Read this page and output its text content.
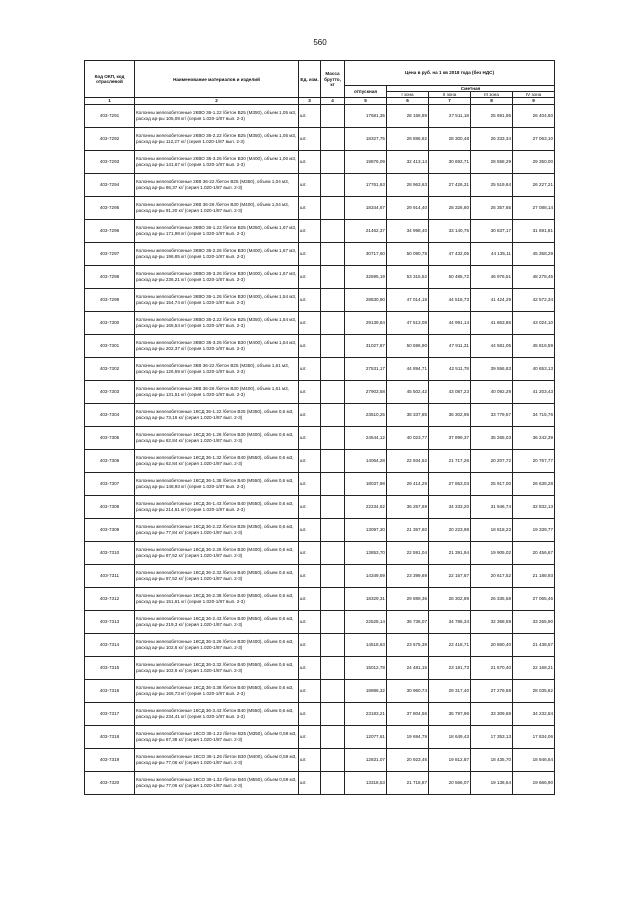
560
Код ОКП, код отраслевой	Наименование материалов и изделий	Ед. изм.	Масса брутто, кг	Цена в руб. на 1 кв 2018 года (без НДС)				
				отпускная	Сметная			
					I зона	II зона	III зона	IV зона
1	2	3	4	5	6	7	8	9
403-7291	Колонны железобетонные 2КВО 36-1.22 /бетон В25 (М350), объем 1,05 м3, расход ар-ры 105,08 кг/ (серия 1.020-1/87 вып. 2-3)	шт.		17681,35	28 158,89	27 511,18	25 691,95	26 404,60
403-7292	Колонны железобетонные 2КВО 36-2.22 /бетон В25 (М350), объем 1,05 м3, расход ар-ры 112,27 кг/ (серия 1.020-1/87 вып. 2-3)	шт.		18327,75	28 886,82	28 300,48	26 333,34	27 063,10
403-7293	Колонны железобетонные 2КВО 36-3.26 /бетон В30 (М400), объем 1,06 м3, расход ар-ры 141,67 кг/ (серия 1.020-1/87 вып. 2-3)	шт.		19876,09	32 413,14	30 692,71	28 558,29	29 350,00
403-7294	Колонны железобетонные 2КВ 36-22 /бетон В25 (М350), объем 1,04 м3, расход ар-ры 86,37 кг/ (серия 1.020-1/87 вып. 2-3)	шт.		17761,63	28 963,63	27 426,31	25 519,84	26 227,21
403-7295	Колонны железобетонные 2КВ 36-26 /бетон В30 (М400), объем 1,04 м3, расход ар-ры 91,20 кг/ (серия 1.020-1/87 вып. 2-3)	шт.		18344,67	29 914,40	28 326,60	26 357,65	27 088,14
403-7296	Колонны железобетонные 3КВО 36-1.22 /бетон В25 (М350), объем 1,67 м3, расход ар-ры 171,98 кг/ (серия 1.020-1/87 вып. 2-3)	шт.		21462,37	34 998,40	33 140,75	30 837,17	31 691,81
403-7297	Колонны железобетонные 3КВО 36-2.26 /бетон В30 (М400), объем 1,67 м3, расход ар-ры 196,85 кг/ (серия 1.020-1/87 вып. 2-3)	шт.		30717,60	50 090,78	47 432,05	44 135,11	45 358,29
403-7298	Колонны железобетонные 3КВО 36-3.26 /бетон В30 (М400), объем 1,67 м3, расход ар-ры 236,21 кг/ (серия 1.020-1/87 вып. 2-3)	шт.		32695,19	53 315,52	50 485,72	46 976,51	48 278,45
403-7299	Колонны железобетонные 3КВО 36-1.26 /бетон В30 (М400), объем 1,54 м3, расход ар-ры 154,74 кг/ (серия 1.020-1/87 вып. 2-3)	шт.		28830,90	47 014,18	44 518,73	41 424,29	42 572,34
403-7300	Колонны железобетонные 3КВО 36-2.22 /бетон В25 (М350), объем 1,54 м3, расход ар-ры 165,54 кг/ (серия 1.020-1/87 вып. 2-3)	шт.		29139,84	47 513,08	44 991,14	41 863,86	43 024,10
403-7301	Колонны железобетонные 3КВО 36-3.26 /бетон В30 (М400), объем 1,54 м3, расход ар-ры 202,37 кг/ (серия 1.020-1/87 вып. 2-3)	шт.		31027,87	50 596,90	47 911,31	44 581,05	45 816,59
403-7302	Колонны железобетонные 3КВ 36-22 /бетон В25 (М350), объем 1,61 м3, расход ар-ры 126,59 кг/ (серия 1.020-1/87 вып. 2-3)	шт.		27531,17	44 894,71	42 511,78	39 556,83	40 653,13
403-7303	Колонны железобетонные 3КВ 36-26 /бетон В30 (М400), объем 1,61 м3, расход ар-ры 131,51 кг/ (серия 1.020-1/87 вып. 2-3)	шт.		27903,58	45 502,42	43 087,23	40 092,29	41 203,43
403-7304	Колонны железобетонные 1КСД 36-1.22 /бетон В25 (М350), объем 0,6 м3, расход ар-ры 73,16 кг/ (серия 1.020-1/87 вып. 2-3)	шт.		23510,25	38 337,85	36 302,95	33 779,57	34 715,76
403-7305	Колонны железобетонные 1КСД 36-1.26 /бетон В30 (М400), объем 0,6 м3, расход ар-ры 62,84 кг/ (серия 1.020-1/87 вып. 2-3)	шт.		24544,12	40 023,77	37 899,37	35 265,03	36 242,39
403-7306	Колонны железобетонные 1КСД 36-1.32 /бетон В40 (М550), объем 0,6 м3, расход ар-ры 62,84 кг/ (серия 1.020-1/87 вып. 2-3)	шт.		14064,28	22 934,52	21 717,26	20 207,72	20 767,77
403-7307	Колонны железобетонные 1КСД 36-1.38 /бетон В40 (М550), объем 0,6 м3, расход ар-ры 148,93 кг/ (серия 1.020-1/87 вып. 2-3)	шт.		18037,98	29 414,29	27 853,03	25 917,00	26 635,28
403-7308	Колонны железобетонные 1КСД 36-1.43 /бетон В40 (М550), объем 0,6 м3, расход ар-ры 214,61 кг/ (серия 1.020-1/87 вып. 2-3)	шт.		22234,62	36 257,69	34 333,20	31 946,74	32 832,13
403-7309	Колонны железобетонные 1КСД 36-2.22 /бетон В25 (М350), объем 0,6 м3, расход ар-ры 77,84 кг/ (серия 1.020-1/87 вып. 2-3)	шт.		13097,30	21 357,60	20 223,98	18 818,23	19 339,77
403-7310	Колонны железобетонные 1КСД 36-2.26 /бетон В30 (М400), объем 0,6 м3, расход ар-ры 87,52 кг/ (серия 1.020-1/87 вып. 2-3)	шт.		13853,70	22 591,04	21 391,94	19 905,02	20 456,67
403-7311	Колонны железобетонные 1КСД 36-2.32 /бетон В40 (М550), объем 0,6 м3, расход ар-ры 87,52 кг/ (серия 1.020-1/87 вып. 2-3)	шт.		14349,59	23 399,69	22 157,67	20 617,52	21 188,93
403-7312	Колонны железобетонные 1КСД 36-2.38 /бетон В40 (М550), объем 0,6 м3, расход ар-ры 151,61 кг/ (серия 1.020-1/87 вып. 2-3)	шт.		18329,31	29 889,36	28 302,89	26 335,58	27 065,46
403-7313	Колонны железобетонные 1КСД 36-2.43 /бетон В40 (М550), объем 0,6 м3, расход ар-ры 219,3 кг/ (серия 1.020-1/87 вып. 2-3)	шт.		22528,14	36 736,07	34 786,34	32 368,59	33 265,90
403-7314	Колонны железобетонные 1КСД 36-3.26 /бетон В30 (М400), объем 0,6 м3, расход ар-ры 102,6 кг/ (серия 1.020-1/87 вып. 2-3)	шт.		14518,63	23 675,39	22 418,71	20 860,40	21 438,57
403-7315	Колонны железобетонные 1КСД 36-3.32 /бетон В40 (М550), объем 0,6 м3, расход ар-ры 102,6 кг/ (серия 1.020-1/87 вып. 2-3)	шт.		15012,78	24 481,15	23 181,73	21 570,40	22 168,21
403-7316	Колонны железобетонные 1КСД 36-3.38 /бетон В40 (М550), объем 0,6 м3, расход ар-ры 166,73 кг/ (серия 1.020-1/87 вып. 2-3)	шт.		18986,32	30 960,74	29 317,40	27 279,58	28 035,62
403-7317	Колонны железобетонные 1КСД 36-3.43 /бетон В40 (М550), объем 0,6 м3, расход ар-ры 234,41 кг/ (серия 1.020-1/87 вып. 2-3)	шт.		23183,21	37 804,56	35 797,96	33 309,68	34 232,84
403-7318	Колонны железобетонные 1КСО 36-1.22 /бетон В25 (М350), объем 0,59 м3, расход ар-ры 67,38 кг/ (серия 1.020-1/87 вып. 2-3)	шт.		12077,61	19 694,79	18 649,43	17 353,13	17 834,06
403-7319	Колонны железобетонные 1КСО 36-1.26 /бетон В30 (М400), объем 0,59 м3, расход ар-ры 77,06 кг/ (серия 1.020-1/87 вып. 2-3)	шт.		12831,07	20 923,46	19 812,87	18 435,70	18 946,64
403-7320	Колонны железобетонные 1КСО 36-1.32 /бетон В40 (М550), объем 0,59 м3, расход ар-ры 77,06 кг/ (серия 1.020-1/87 вып. 2-3)	шт.		13318,53	21 718,87	20 566,07	19 136,54	19 666,90
